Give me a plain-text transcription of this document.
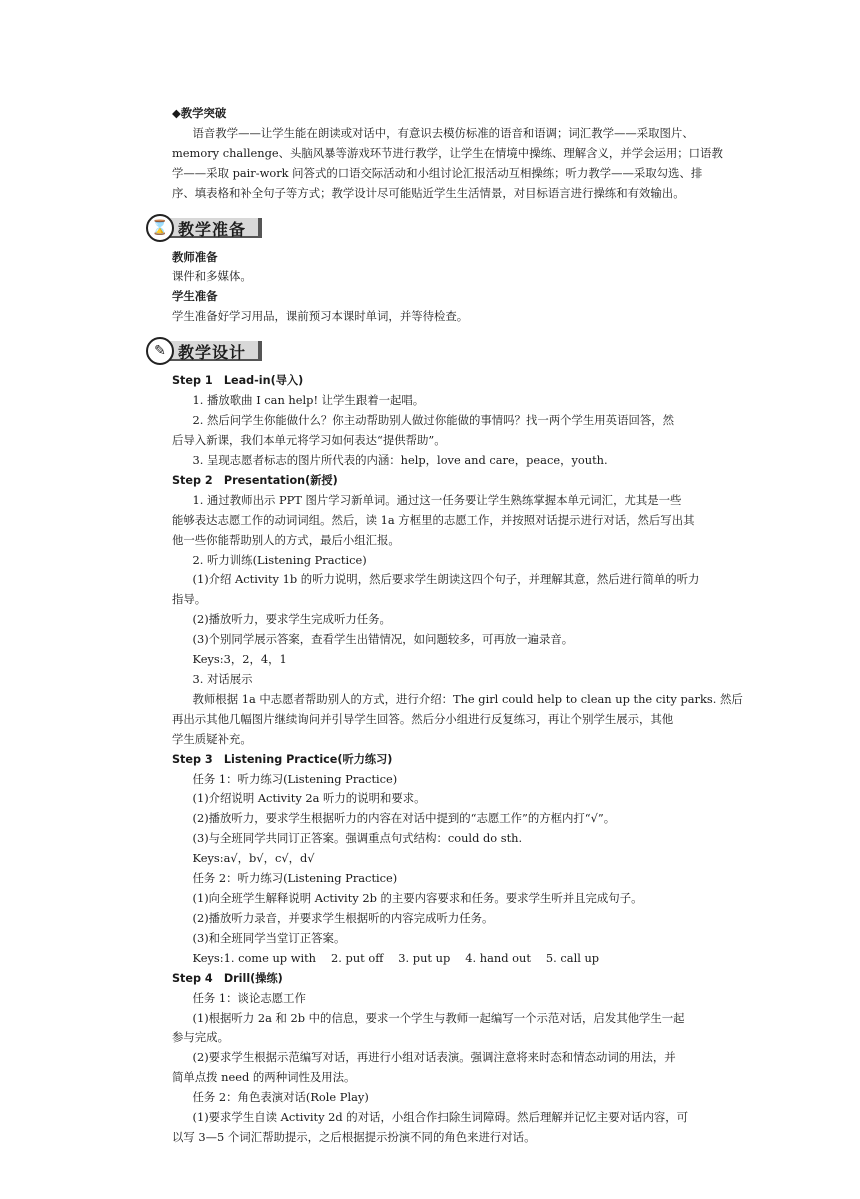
◆教学突破
语音教学——让学生能在朗读或对话中，有意识去模仿标准的语音和语调；词汇教学——采取图片、
memory challenge、头脑风暴等游戏环节进行教学，让学生在情境中操练、理解含义，并学会运用；口语教
学——采取 pair-work 问答式的口语交际活动和小组讨论汇报活动互相操练；听力教学——采取勾选、排
序、填表格和补全句子等方式；教学设计尽可能贴近学生生活情景，对目标语言进行操练和有效输出。
⌛ 教学准备
教师准备
课件和多媒体。
学生准备
学生准备好学习用品，课前预习本课时单词，并等待检查。
✎ 教学设计
Step 1　Lead-in(导入)
1. 播放歌曲 I can help! 让学生跟着一起唱。
2. 然后问学生你能做什么？你主动帮助别人做过你能做的事情吗？找一两个学生用英语回答，然
后导入新课，我们本单元将学习如何表达“提供帮助”。
3. 呈现志愿者标志的图片所代表的内涵：help，love and care，peace，youth.
Step 2　Presentation(新授)
1. 通过教师出示 PPT 图片学习新单词。通过这一任务要让学生熟练掌握本单元词汇，尤其是一些
能够表达志愿工作的动词词组。然后，读 1a 方框里的志愿工作，并按照对话提示进行对话，然后写出其
他一些你能帮助别人的方式，最后小组汇报。
2. 听力训练(Listening Practice)
(1)介绍 Activity 1b 的听力说明，然后要求学生朗读这四个句子，并理解其意，然后进行简单的听力
指导。
(2)播放听力，要求学生完成听力任务。
(3)个别同学展示答案，查看学生出错情况，如问题较多，可再放一遍录音。
Keys:3，2，4，1
3. 对话展示
教师根据 1a 中志愿者帮助别人的方式，进行介绍：The girl could help to clean up the city parks. 然后
再出示其他几幅图片继续询问并引导学生回答。然后分小组进行反复练习，再让个别学生展示，其他
学生质疑补充。
Step 3　Listening Practice(听力练习)
任务 1：听力练习(Listening Practice)
(1)介绍说明 Activity 2a 听力的说明和要求。
(2)播放听力，要求学生根据听力的内容在对话中提到的“志愿工作”的方框内打“√”。
(3)与全班同学共同订正答案。强调重点句式结构：could do sth.
Keys:a√，b√，c√，d√
任务 2：听力练习(Listening Practice)
(1)向全班学生解释说明 Activity 2b 的主要内容要求和任务。要求学生听并且完成句子。
(2)播放听力录音，并要求学生根据听的内容完成听力任务。
(3)和全班同学当堂订正答案。
Keys:1. come up with　 2. put off　 3. put up　 4. hand out　 5. call up
Step 4　Drill(操练)
任务 1：谈论志愿工作
(1)根据听力 2a 和 2b 中的信息，要求一个学生与教师一起编写一个示范对话，启发其他学生一起
参与完成。
(2)要求学生根据示范编写对话，再进行小组对话表演。强调注意将来时态和情态动词的用法，并
简单点拨 need 的两种词性及用法。
任务 2：角色表演对话(Role Play)
(1)要求学生自读 Activity 2d 的对话，小组合作扫除生词障碍。然后理解并记忆主要对话内容，可
以写 3—5 个词汇帮助提示，之后根据提示扮演不同的角色来进行对话。
